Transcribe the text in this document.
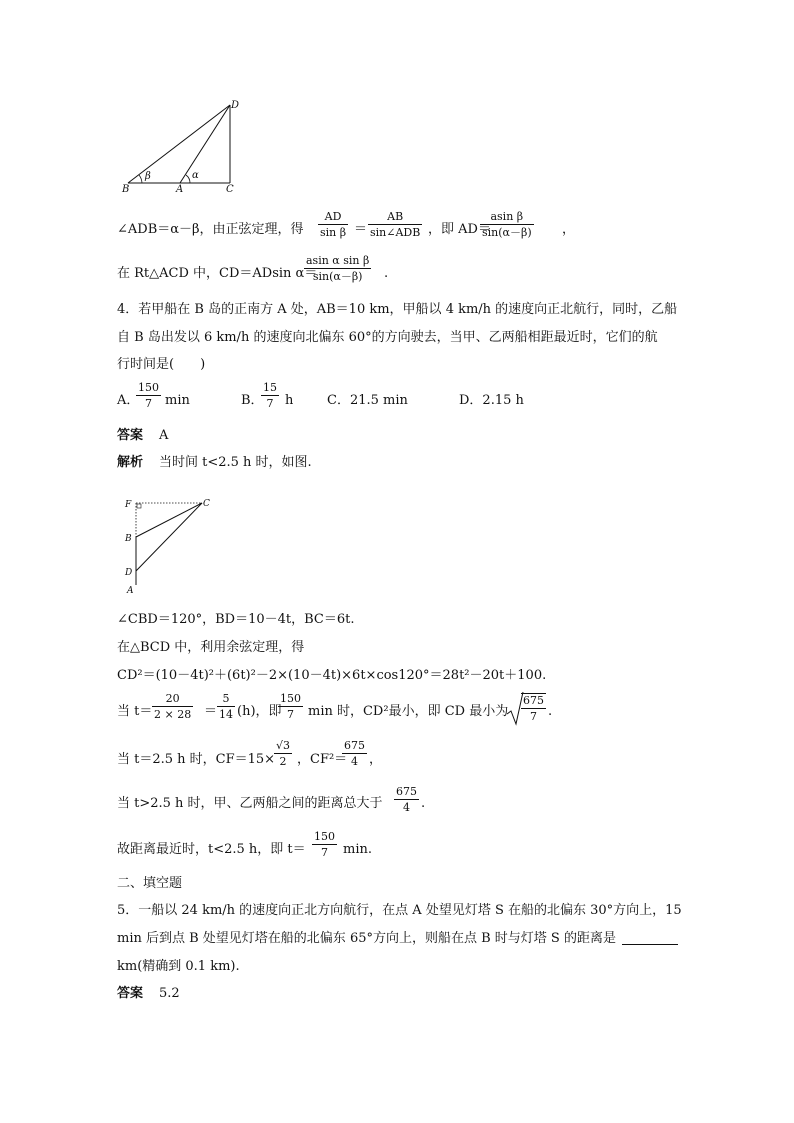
D
B	A	C
β	α
∠ADB＝α－β，由正弦定理，得 $\frac{AD}{\text{sin β}}$ ＝
AB
sin∠ADB ，即 AD＝
$\frac{\text{asin β}}{\sin(\alpha-\beta)}$ ，
在 Rt△ACD 中，CD＝ADsin α＝
$\frac{\text{asin α sin β}}{\sin(\alpha-\beta)}$ .
4．若甲船在 B 岛的正南方 A 处，AB＝10 km，甲船以 4 km/h 的速度向正北航行，同时，乙船
自 B 岛出发以 6 km/h 的速度向北偏东 60°的方向驶去，当甲、乙两船相距最近时，它们的航
行时间是(　　)
A．
$\frac{150}{7}$ min	B．
$\frac{15}{7}$ h	C．21.5 min	D．2.15 h
答案 A
解析 当时间 t<2.5 h 时，如图.
F	C
B
D
A
∠CBD＝120°，BD＝10－4t，BC＝6t.
在△BCD 中，利用余弦定理，得
CD²＝(10－4t)²＋(6t)²－2×(10－4t)×6t×cos120°＝28t²－20t＋100.
当 $t= \frac{20}{2 \times 28} = \frac{5}{14} (h)$，即
$\frac{150}{7}$ min 时，CD²最小，即 CD 最小为 $\frac{675}{7}$ .
当 t＝2.5 h 时，CF＝15×
$\frac{√3}{2}$ ，CF²＝
$\frac{675}{4}$ ，
当 t>2.5 h 时，甲、乙两船之间的距离总大于 $\frac{675}{4}$ .
故距离最近时，t<2.5 h，即 $t= \frac{150}{7} \min$.
二、填空题
5．一船以 24 km/h 的速度向正北方向航行，在点 A 处望见灯塔 S 在船的北偏东 30°方向上，15
min 后到点 B 处望见灯塔在船的北偏东 65°方向上，则船在点 B 时与灯塔 S 的距离是
km(精确到 0.1 km).
答案 5.2
